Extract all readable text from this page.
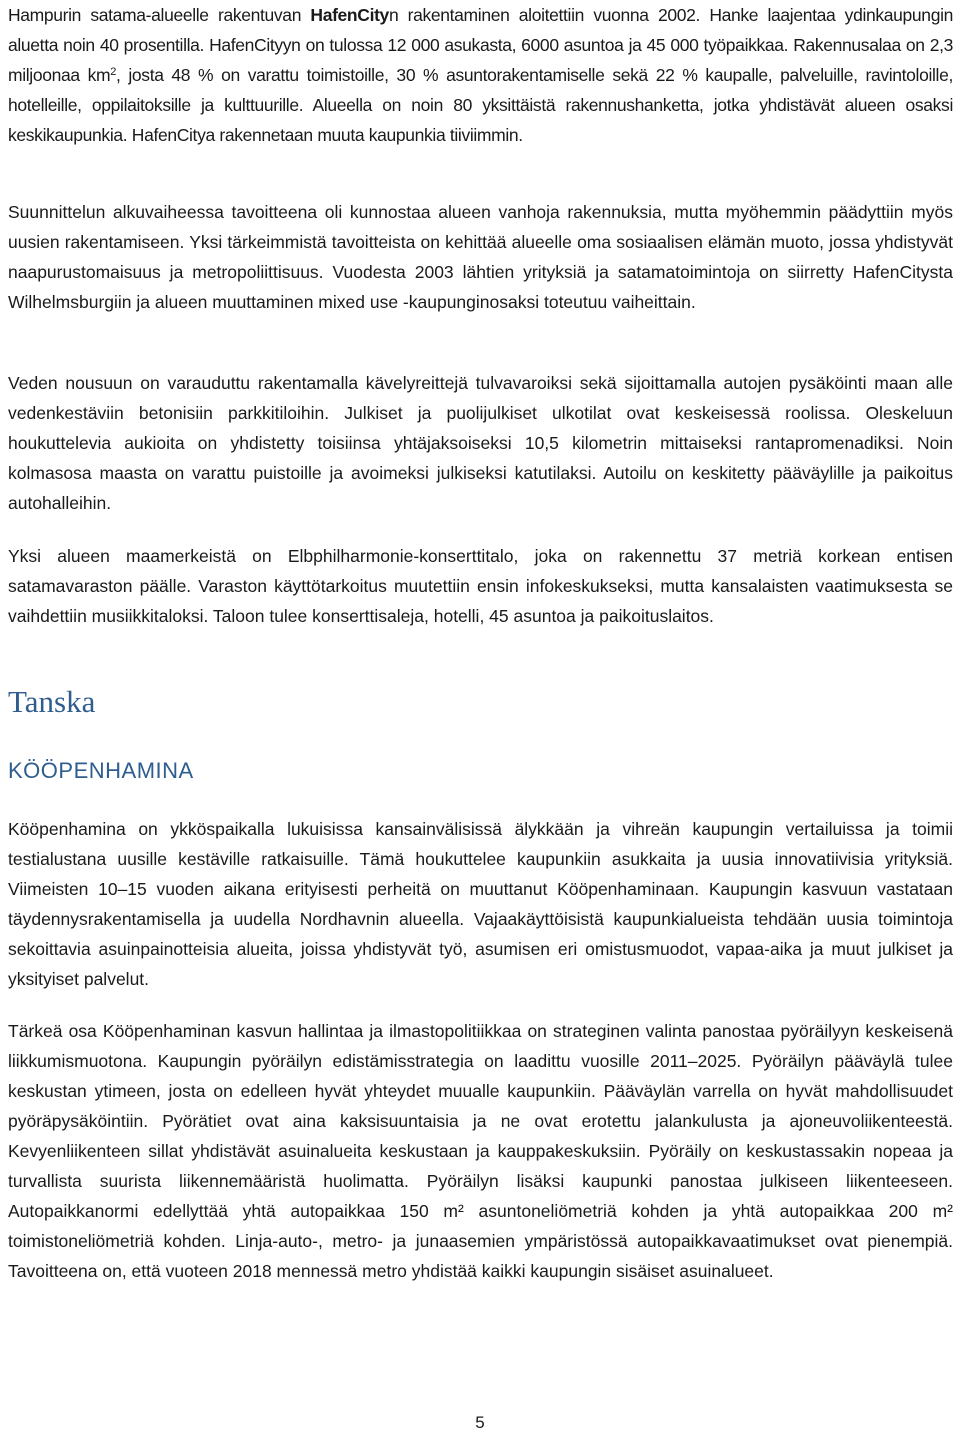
Hampurin satama-alueelle rakentuvan HafenCityn rakentaminen aloitettiin vuonna 2002. Hanke laajentaa ydinkaupungin aluetta noin 40 prosentilla. HafenCityyn on tulossa 12 000 asukasta, 6000 asuntoa ja 45 000 työpaikkaa. Rakennusalaa on 2,3 miljoonaa $km^2$, josta 48 % on varattu toimistoille, 30 % asuntorakentamiselle sekä 22 % kaupalle, palveluille, ravintoloille, hotelleille, oppilaitoksille ja kulttuurille. Alueella on noin 80 yksittäistä rakennushanketta, jotka yhdistävät alueen osaksi keskikaupunkia. HafenCitya rakennetaan muuta kaupunkia tiiviimmin.

Suunnittelun alkuvaiheessa tavoitteena oli kunnostaa alueen vanhoja rakennuksia, mutta myöhemmin päädyttiin myös uusien rakentamiseen. Yksi tärkeimmistä tavoitteista on kehittää alueelle oma sosiaalisen elämän muoto, jossa yhdistyvät naapurustomaisuus ja metropoliittisuus. Vuodesta 2003 lähtien yrityksiä ja satamatoimintoja on siirretty HafenCitysta Wilhelmsburgiin ja alueen muuttaminen mixed use -kaupunginosaksi toteutuu vaiheittain.

Veden nousuun on varauduttu rakentamalla kävelyreittejä tulvavaroiksi sekä sijoittamalla autojen pysäköinti maan alle vedenkestäviin betonisiin parkkitiloihin. Julkiset ja puolijulkiset ulkotilat ovat keskeisessä roolissa. Oleskeluun houkuttelevia aukioita on yhdistetty toisiinsa yhtäjaksoiseksi 10,5 kilometrin mittaiseksi rantapromenadiksi. Noin kolmasosa maasta on varattu puistoille ja avoimeksi julkiseksi katutilaksi. Autoilu on keskitetty pääväylille ja paikoitus autohalleihin.

Yksi alueen maamerkeistä on Elbphilharmonie-konserttitalo, joka on rakennettu 37 metriä korkean entisen satamavaraston päälle. Varaston käyttötarkoitus muutettiin ensin infokeskukseksi, mutta kansalaisten vaatimuksesta se vaihdettiin musiikkitaloksi. Taloon tulee konserttisaleja, hotelli, 45 asuntoa ja paikoituslaitos.

Tanska
KÖÖPENHAMINA

Kööpenhamina on ykköspaikalla lukuisissa kansainvälisissä älykkään ja vihreän kaupungin vertailuissa ja toimii testialustana uusille kestäville ratkaisuille. Tämä houkuttelee kaupunkiin asukkaita ja uusia innovatiivisia yrityksiä. Viimeisten 10–15 vuoden aikana erityisesti perheitä on muuttanut Kööpenhaminaan. Kaupungin kasvuun vastataan täydennysrakentamisella ja uudella Nordhavnin alueella. Vajaakäyttöisistä kaupunkialueista tehdään uusia toimintoja sekoittavia asuinpainotteisia alueita, joissa yhdistyvät työ, asumisen eri omistusmuodot, vapaa-aika ja muut julkiset ja yksityiset palvelut.

Tärkeä osa Kööpenhaminan kasvun hallintaa ja ilmastopolitiikkaa on strateginen valinta panostaa pyöräilyyn keskeisenä liikkumismuotona. Kaupungin pyöräilyn edistämisstrategia on laadittu vuosille 2011–2025. Pyöräilyn pääväylä tulee keskustan ytimeen, josta on edelleen hyvät yhteydet muualle kaupunkiin. Pääväylän varrella on hyvät mahdollisuudet pyöräpysäköintiin. Pyörätiet ovat aina kaksisuuntaisia ja ne ovat erotettu jalankulusta ja ajoneuvoliikenteestä. Kevyenliikenteen sillat yhdistävät asuinalueita keskustaan ja kauppakeskuksiin. Pyöräily on keskustassakin nopeaa ja turvallista suurista liikennemääristä huolimatta. Pyöräilyn lisäksi kaupunki panostaa julkiseen liikenteeseen. Autopaikkanormi edellyttää yhtä autopaikkaa 150 m² asuntoneliömetriä kohden ja yhtä autopaikkaa 200 m² toimistoneliömetriä kohden. Linja-auto-, metro- ja junaasemien ympäristössä autopaikkavaatimukset ovat pienempiä. Tavoitteena on, että vuoteen 2018 mennessä metro yhdistää kaikki kaupungin sisäiset asuinalueet.

5
